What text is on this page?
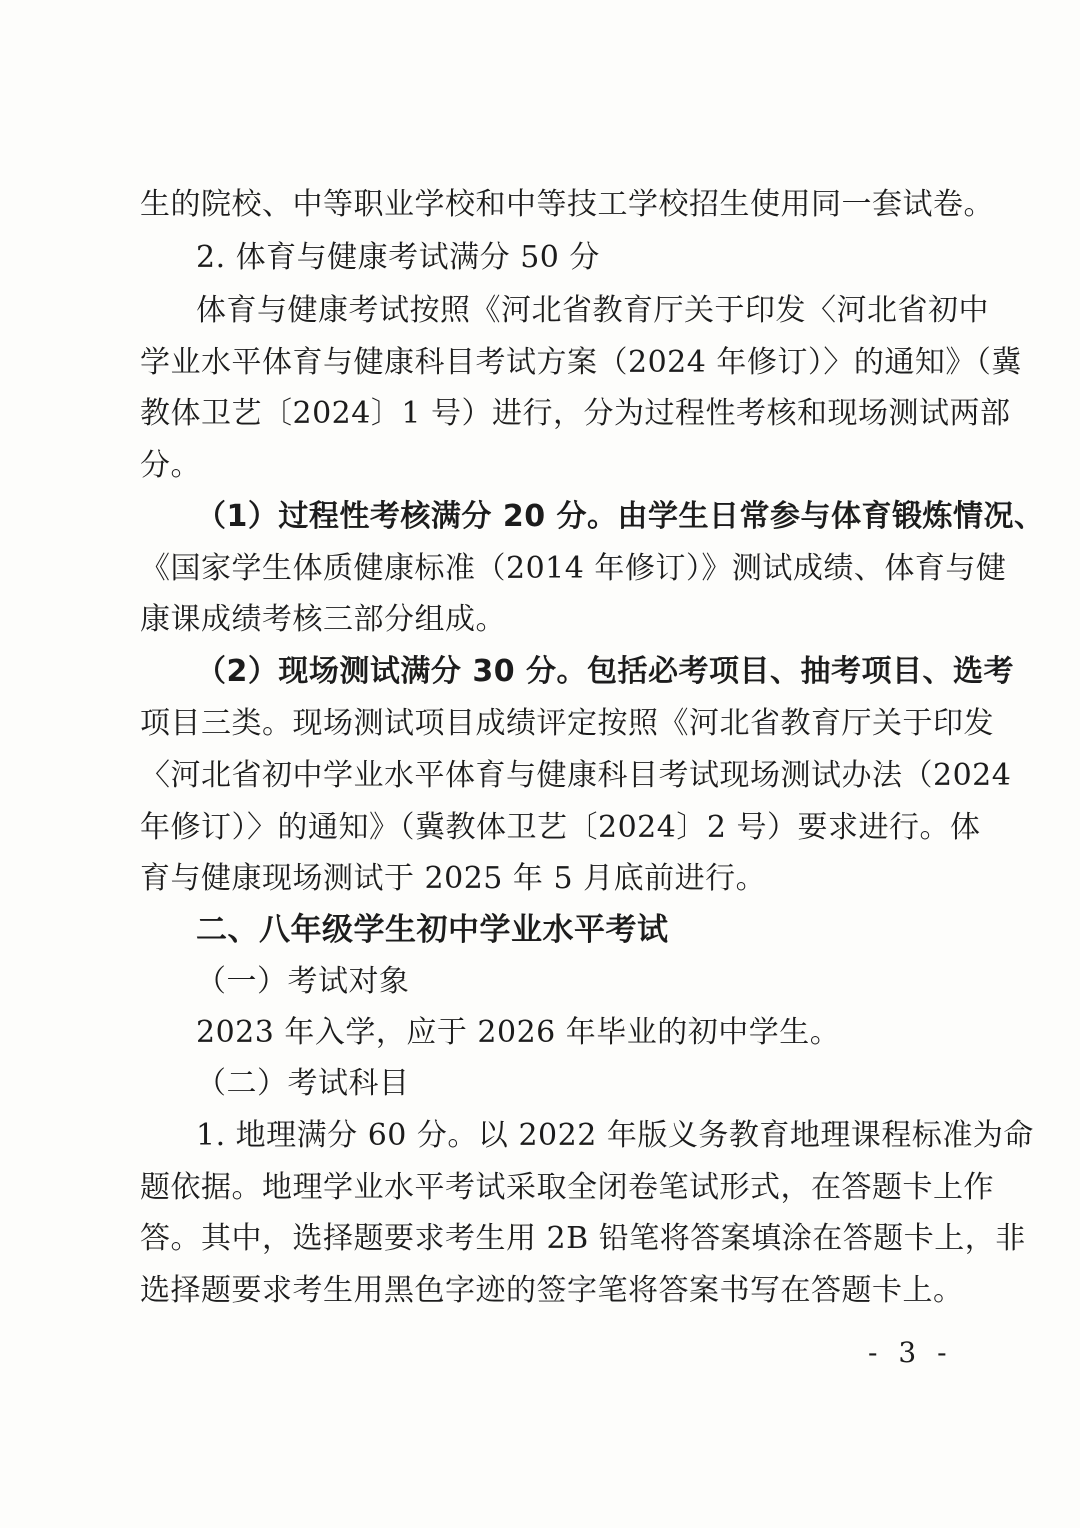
生的院校、中等职业学校和中等技工学校招生使用同一套试卷。
2. 体育与健康考试满分 50 分
体育与健康考试按照《河北省教育厅关于印发〈河北省初中
学业水平体育与健康科目考试方案（2024 年修订）〉的通知》（冀
教体卫艺〔2024〕1 号）进行，分为过程性考核和现场测试两部
分。
（1）过程性考核满分 20 分。由学生日常参与体育锻炼情况、
《国家学生体质健康标准（2014 年修订）》测试成绩、体育与健
康课成绩考核三部分组成。
（2）现场测试满分 30 分。包括必考项目、抽考项目、选考
项目三类。现场测试项目成绩评定按照《河北省教育厅关于印发
〈河北省初中学业水平体育与健康科目考试现场测试办法（2024
年修订）〉的通知》（冀教体卫艺〔2024〕2 号）要求进行。体
育与健康现场测试于 2025 年 5 月底前进行。
二、八年级学生初中学业水平考试
（一）考试对象
2023 年入学，应于 2026 年毕业的初中学生。
（二）考试科目
1. 地理满分 60 分。以 2022 年版义务教育地理课程标准为命
题依据。地理学业水平考试采取全闭卷笔试形式，在答题卡上作
答。其中，选择题要求考生用 2B 铅笔将答案填涂在答题卡上，非
选择题要求考生用黑色字迹的签字笔将答案书写在答题卡上。
- 3 -
